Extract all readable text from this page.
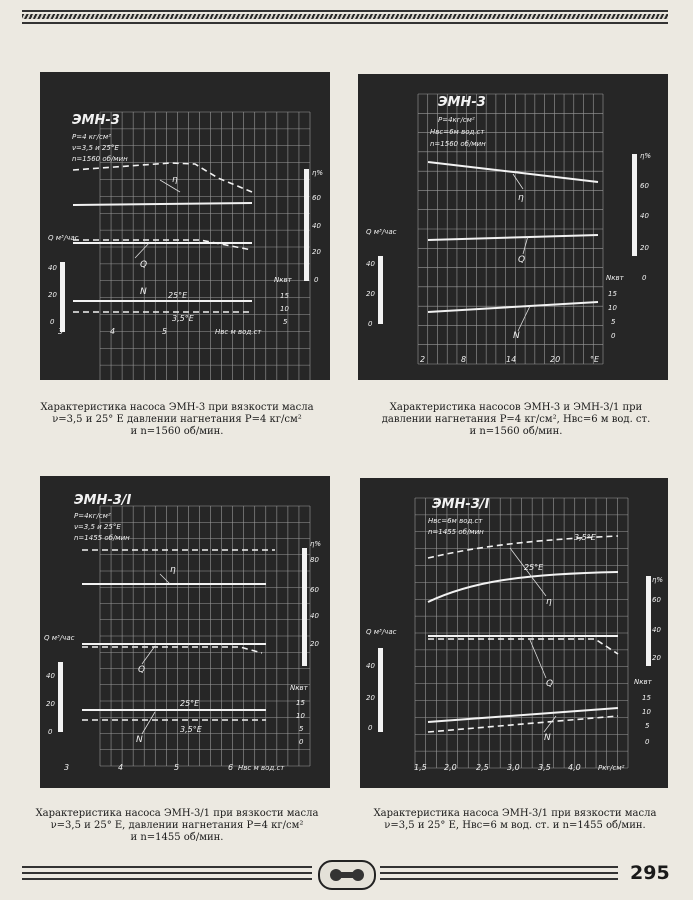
ЭМН-3
P=4 кг/см²
ν=3,5 и 25°E
n=1560 об/мин
η
Q
N	25°E
3,5°E
Q м³/час
40
20
0
η%
60
40
20
0
Nквт
15
10
5
3	4	5	Hвс м вод.ст
ЭМН-3
P=4кг/см²
Hвс=6м вод.ст
n=1560 об/мин
η
Q
N
Q м³/час
40
20
0
η%
60
40
20
0
Nквт
15
10
5
0
2	8	14	20	°E
Характеристика насоса ЭМН-3 при вязкости масла
ν=3,5 и 25° Е давлении нагнетания P=4 кг/см²
и n=1560 об/мин.
Характеристика насосов ЭМН-3 и ЭМН-3/1 при
давлении нагнетания P=4 кг/см², Hвс=6 м вод. ст.
и n=1560 об/мин.
ЭМН-3/I
P=4кг/см²
ν=3,5 и 25°E
n=1455 об/мин
η
Q
25°E
3,5°E
N
Q м³/час
40
20
0
η%
80
60
40
20
Nквт
15
10
5
0
3	4	5	6 Hвс м вод.ст
ЭМН-3/I
Hвс=6м вод.ст
n=1455 об/мин
3,5°E
25°E
η
Q
N
Q м³/час
40
20
0
η%
60
40
20
Nквт
15
10
5
0
1,5 2,0 2,5 3,0 3,5 4,0 Pкг/см²
Характеристика насоса ЭМН-3/1 при вязкости масла
ν=3,5 и 25° Е, давлении нагнетания P=4 кг/см²
и n=1455 об/мин.
Характеристика насоса ЭМН-3/1 при вязкости масла
ν=3,5 и 25° Е, Hвс=6 м вод. ст. и n=1455 об/мин.
295
